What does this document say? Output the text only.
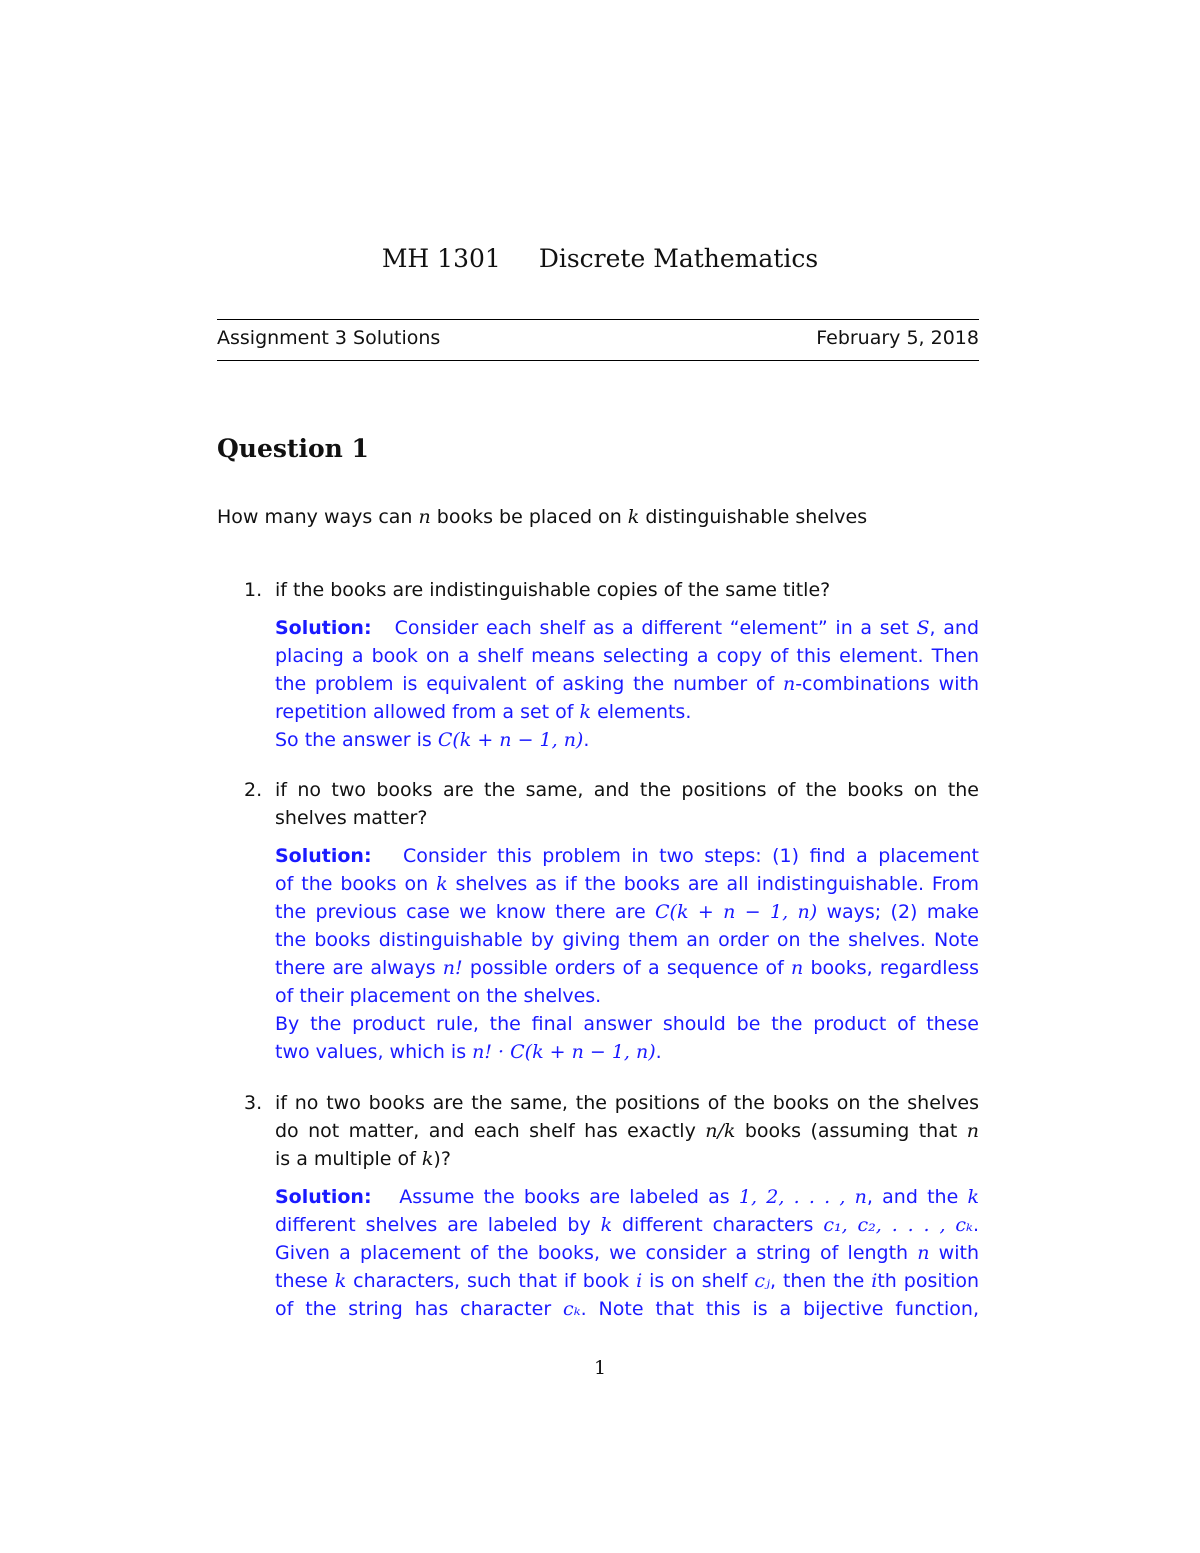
MH 1301 Discrete Mathematics
Assignment 3 Solutions	February 5, 2018
Question 1
How many ways can n books be placed on k distinguishable shelves
1. if the books are indistinguishable copies of the same title?
Solution: Consider each shelf as a different “element” in a set S, and
placing a book on a shelf means selecting a copy of this element. Then
the problem is equivalent of asking the number of n-combinations with
repetition allowed from a set of k elements.
So the answer is C(k + n − 1, n).
2. if no two books are the same, and the positions of the books on the
shelves matter?
Solution: Consider this problem in two steps: (1) find a placement
of the books on k shelves as if the books are all indistinguishable. From
the previous case we know there are C(k + n − 1, n) ways; (2) make
the books distinguishable by giving them an order on the shelves. Note
there are always n! possible orders of a sequence of n books, regardless
of their placement on the shelves.
By the product rule, the final answer should be the product of these
two values, which is n! · C(k + n − 1, n).
3. if no two books are the same, the positions of the books on the shelves
do not matter, and each shelf has exactly n/k books (assuming that n
is a multiple of k)?
Solution: Assume the books are labeled as 1, 2, . . . , n, and the k
different shelves are labeled by k different characters c₁, c₂, . . . , cₖ.
Given a placement of the books, we consider a string of length n with
these k characters, such that if book i is on shelf cⱼ, then the ith position
of the string has character cₖ. Note that this is a bijective function,
1
